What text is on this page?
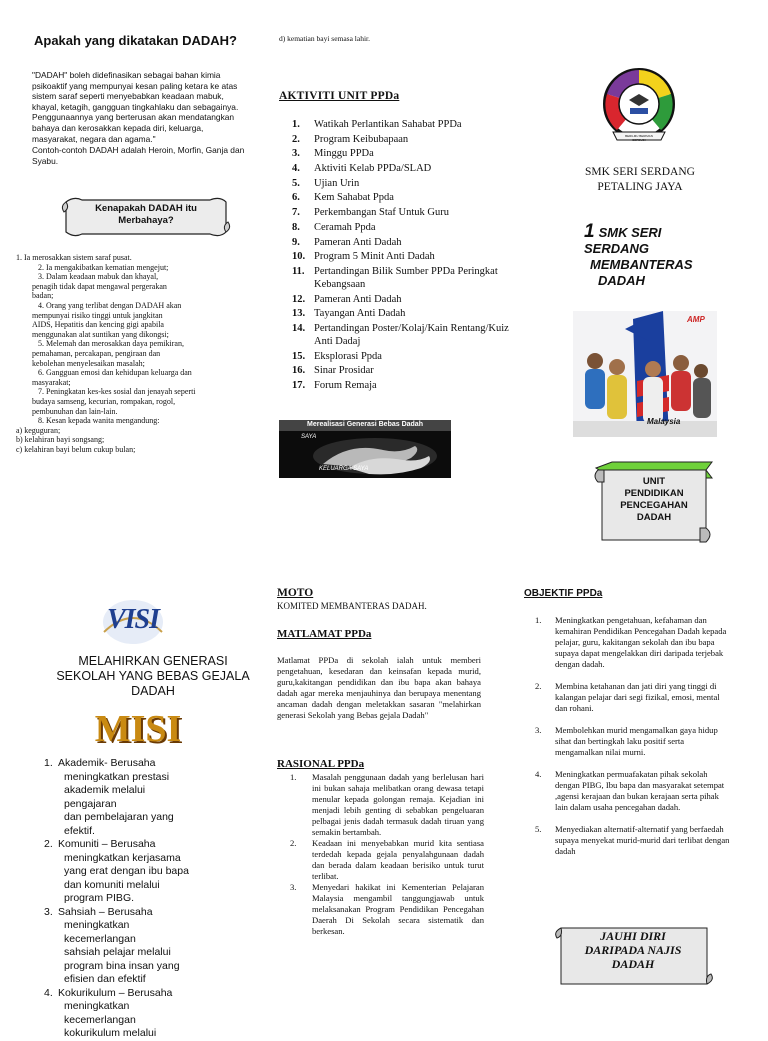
Apakah yang dikatakan DADAH?

"DADAH" boleh didefinasikan sebagai bahan kimia psikoaktif yang mempunyai kesan paling ketara ke atas sistem saraf seperti menyebabkan keadaan mabuk, khayal, ketagih, gangguan tingkahlaku dan sebagainya. Penggunaannya yang berterusan akan mendatangkan bahaya dan kerosakkan kepada diri, keluarga, masyarakat, negara dan agama."

Contoh-contoh DADAH adalah Heroin, Morfin, Ganja dan Syabu.

Kenapakah DADAH itu Merbahaya?
1. Ia merosakkan sistem saraf pusat.
2. Ia mengakibatkan kematian mengejut;
3. Dalam keadaan mabuk dan khayal,
penagih tidak dapat mengawal pergerakan
badan;
4. Orang yang terlibat dengan DADAH akan
mempunyai risiko tinggi untuk jangkitan
AIDS, Hepatitis dan kencing gigi apabila
menggunakan alat suntikan yang dikongsi;
5. Melemah dan merosakkan daya pemikiran,
pemahaman, percakapan, pengiraan dan
kebolehan menyelesaikan masalah;
6. Gangguan emosi dan kehidupan keluarga dan
masyarakat;
7. Peningkatan kes-kes sosial dan jenayah seperti
budaya samseng, kecurian, rompakan, rogol,
pembunuhan dan lain-lain.
8. Kesan kepada wanita mengandung:
a) keguguran;
b) kelahiran bayi songsang;
c) kelahiran bayi belum cukup bulan;
d) kematian bayi semasa lahir.
AKTIVITI UNIT PPDa
1.	Watikah Perlantikan Sahabat PPDa
2.	Program Keibubapaan
3.	Minggu PPDa
4.	Aktiviti Kelab PPDa/SLAD
5.	Ujian Urin
6.	Kem Sahabat Ppda
7.	Perkembangan Staf Untuk Guru
8.	Ceramah Ppda
9.	Pameran Anti Dadah
10. Program 5 Minit Anti Dadah
11. Pertandingan Bilik Sumber PPDa Peringkat Kebangsaan
12. Pameran Anti Dadah
13. Tayangan Anti Dadah
14. Pertandingan Poster/Kolaj/Kain Rentang/Kuiz Anti Dadaj
15. Eksplorasi Ppda
16. Sinar Prosidar
17. Forum Remaja
Merealisasi Generasi Bebas Dadah
SAYA
KELUARGA SAYA
BERILMU BERIMAN BERBUDI
SMK SERI SERDANG
PETALING JAYA
1 SMK SERI
SERDANG
MEMBANTERAS
DADAH
AMP
Malaysia
UNIT
PENDIDIKAN
PENCEGAHAN
DADAH
VISI
MELAHIRKAN GENERASI SEKOLAH YANG BEBAS GEJALA DADAH
MISI
1. Akademik- Berusaha
meningkatkan prestasi
akademik melalui
pengajaran
dan pembelajaran yang
efektif.
2. Komuniti – Berusaha
meningkatkan kerjasama
yang erat dengan ibu bapa
dan komuniti melalui
program PIBG.
3. Sahsiah – Berusaha
meningkatkan
kecemerlangan
sahsiah pelajar melalui
program bina insan yang
efisien dan efektif
4. Kokurikulum – Berusaha
meningkatkan
kecemerlangan
kokurikulum melalui
MOTO
KOMITED MEMBANTERAS DADAH.
MATLAMAT PPDa
Matlamat PPDa di sekolah ialah untuk memberi pengetahuan, kesedaran dan keinsafan kepada murid, guru,kakitangan pendidikan dan ibu bapa akan bahaya dadah agar mereka menjauhinya dan berupaya menentang ancaman dadah dengan meletakkan sasaran "melahirkan generasi Sekolah yang Bebas gejala Dadah"
RASIONAL PPDa
1.	Masalah penggunaan dadah yang berlelusan hari ini bukan sahaja melibatkan orang dewasa tetapi menular kepada golongan remaja. Kejadian ini menjadi lebih genting di sebabkan pengeluaran pelbagai jenis dadah termasuk dadah tiruan yang semakin bertambah.
2.	Keadaan ini menyebabkan murid kita sentiasa terdedah kepada gejala penyalahgunaan dadah dan berada dalam keadaan berisiko untuk turut terlibat.
3.	Menyedari hakikat ini Kementerian Pelajaran Malaysia mengambil tanggungjawab untuk melaksanakan Program Pendidikan Pencegahan Daerah Di Sekolah secara sistematik dan berkesan.
OBJEKTIF PPDa
1.	Meningkatkan pengetahuan, kefahaman dan kemahiran Pendidikan Pencegahan Dadah kepada pelajar, guru, kakitangan sekolah dan ibu bapa supaya dapat mengelakkan diri daripada terjebak dengan dadah.
2.	Membina ketahanan dan jati diri yang tinggi di kalangan pelajar dari segi fizikal, emosi, mental dan rohani.
3.	Membolehkan murid mengamalkan gaya hidup sihat dan bertingkah laku positif serta mengamalkan nilai murni.
4.	Meningkatkan permuafakatan pihak sekolah dengan PIBG, Ibu bapa dan masyarakat setempat ,agensi kerajaan dan bukan kerajaan serta pihak lain dalam usaha pencegahan dadah.
5.	Menyediakan alternatif-alternatif yang berfaedah supaya menyekat murid-murid dari terlibat dengan dadah
JAUHI DIRI
DARIPADA NAJIS
DADAH
